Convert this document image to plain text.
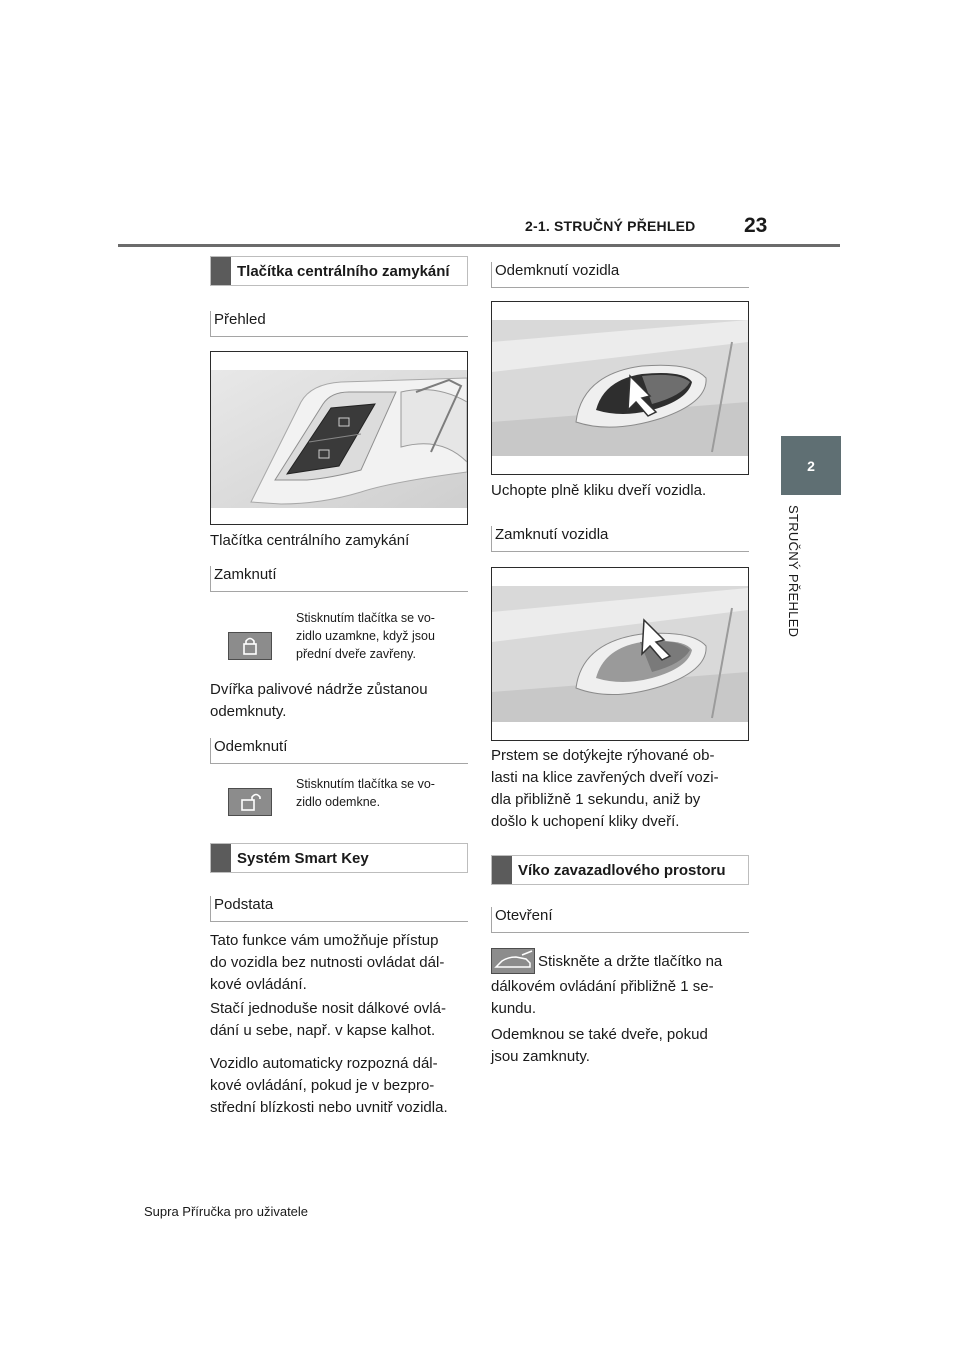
2-1. STRUČNÝ PŘEHLED 23
2
STRUČNÝ PŘEHLED
Tlačítka centrálního zamykání
Přehled
Tlačítka centrálního zamykání
Zamknutí
Stisknutím tlačítka se vo-
zidlo uzamkne, když jsou
přední dveře zavřeny.
Dvířka palivové nádrže zůstanou
odemknuty.
Odemknutí
Stisknutím tlačítka se vo-
zidlo odemkne.
Systém Smart Key
Podstata
Tato funkce vám umožňuje přístup
do vozidla bez nutnosti ovládat dál-
kové ovládání.
Stačí jednoduše nosit dálkové ovlá-
dání u sebe, např. v kapse kalhot.
Vozidlo automaticky rozpozná dál-
kové ovládání, pokud je v bezpro-
střední blízkosti nebo uvnitř vozidla.
Odemknutí vozidla
Uchopte plně kliku dveří vozidla.
Zamknutí vozidla
Prstem se dotýkejte rýhované ob-
lasti na klice zavřených dveří vozi-
dla přibližně 1 sekundu, aniž by
došlo k uchopení kliky dveří.
Víko zavazadlového prostoru
Otevření
Stiskněte a držte tlačítko na
dálkovém ovládání přibližně 1 se-
kundu.
Odemknou se také dveře, pokud
jsou zamknuty.
Supra Příručka pro uživatele
